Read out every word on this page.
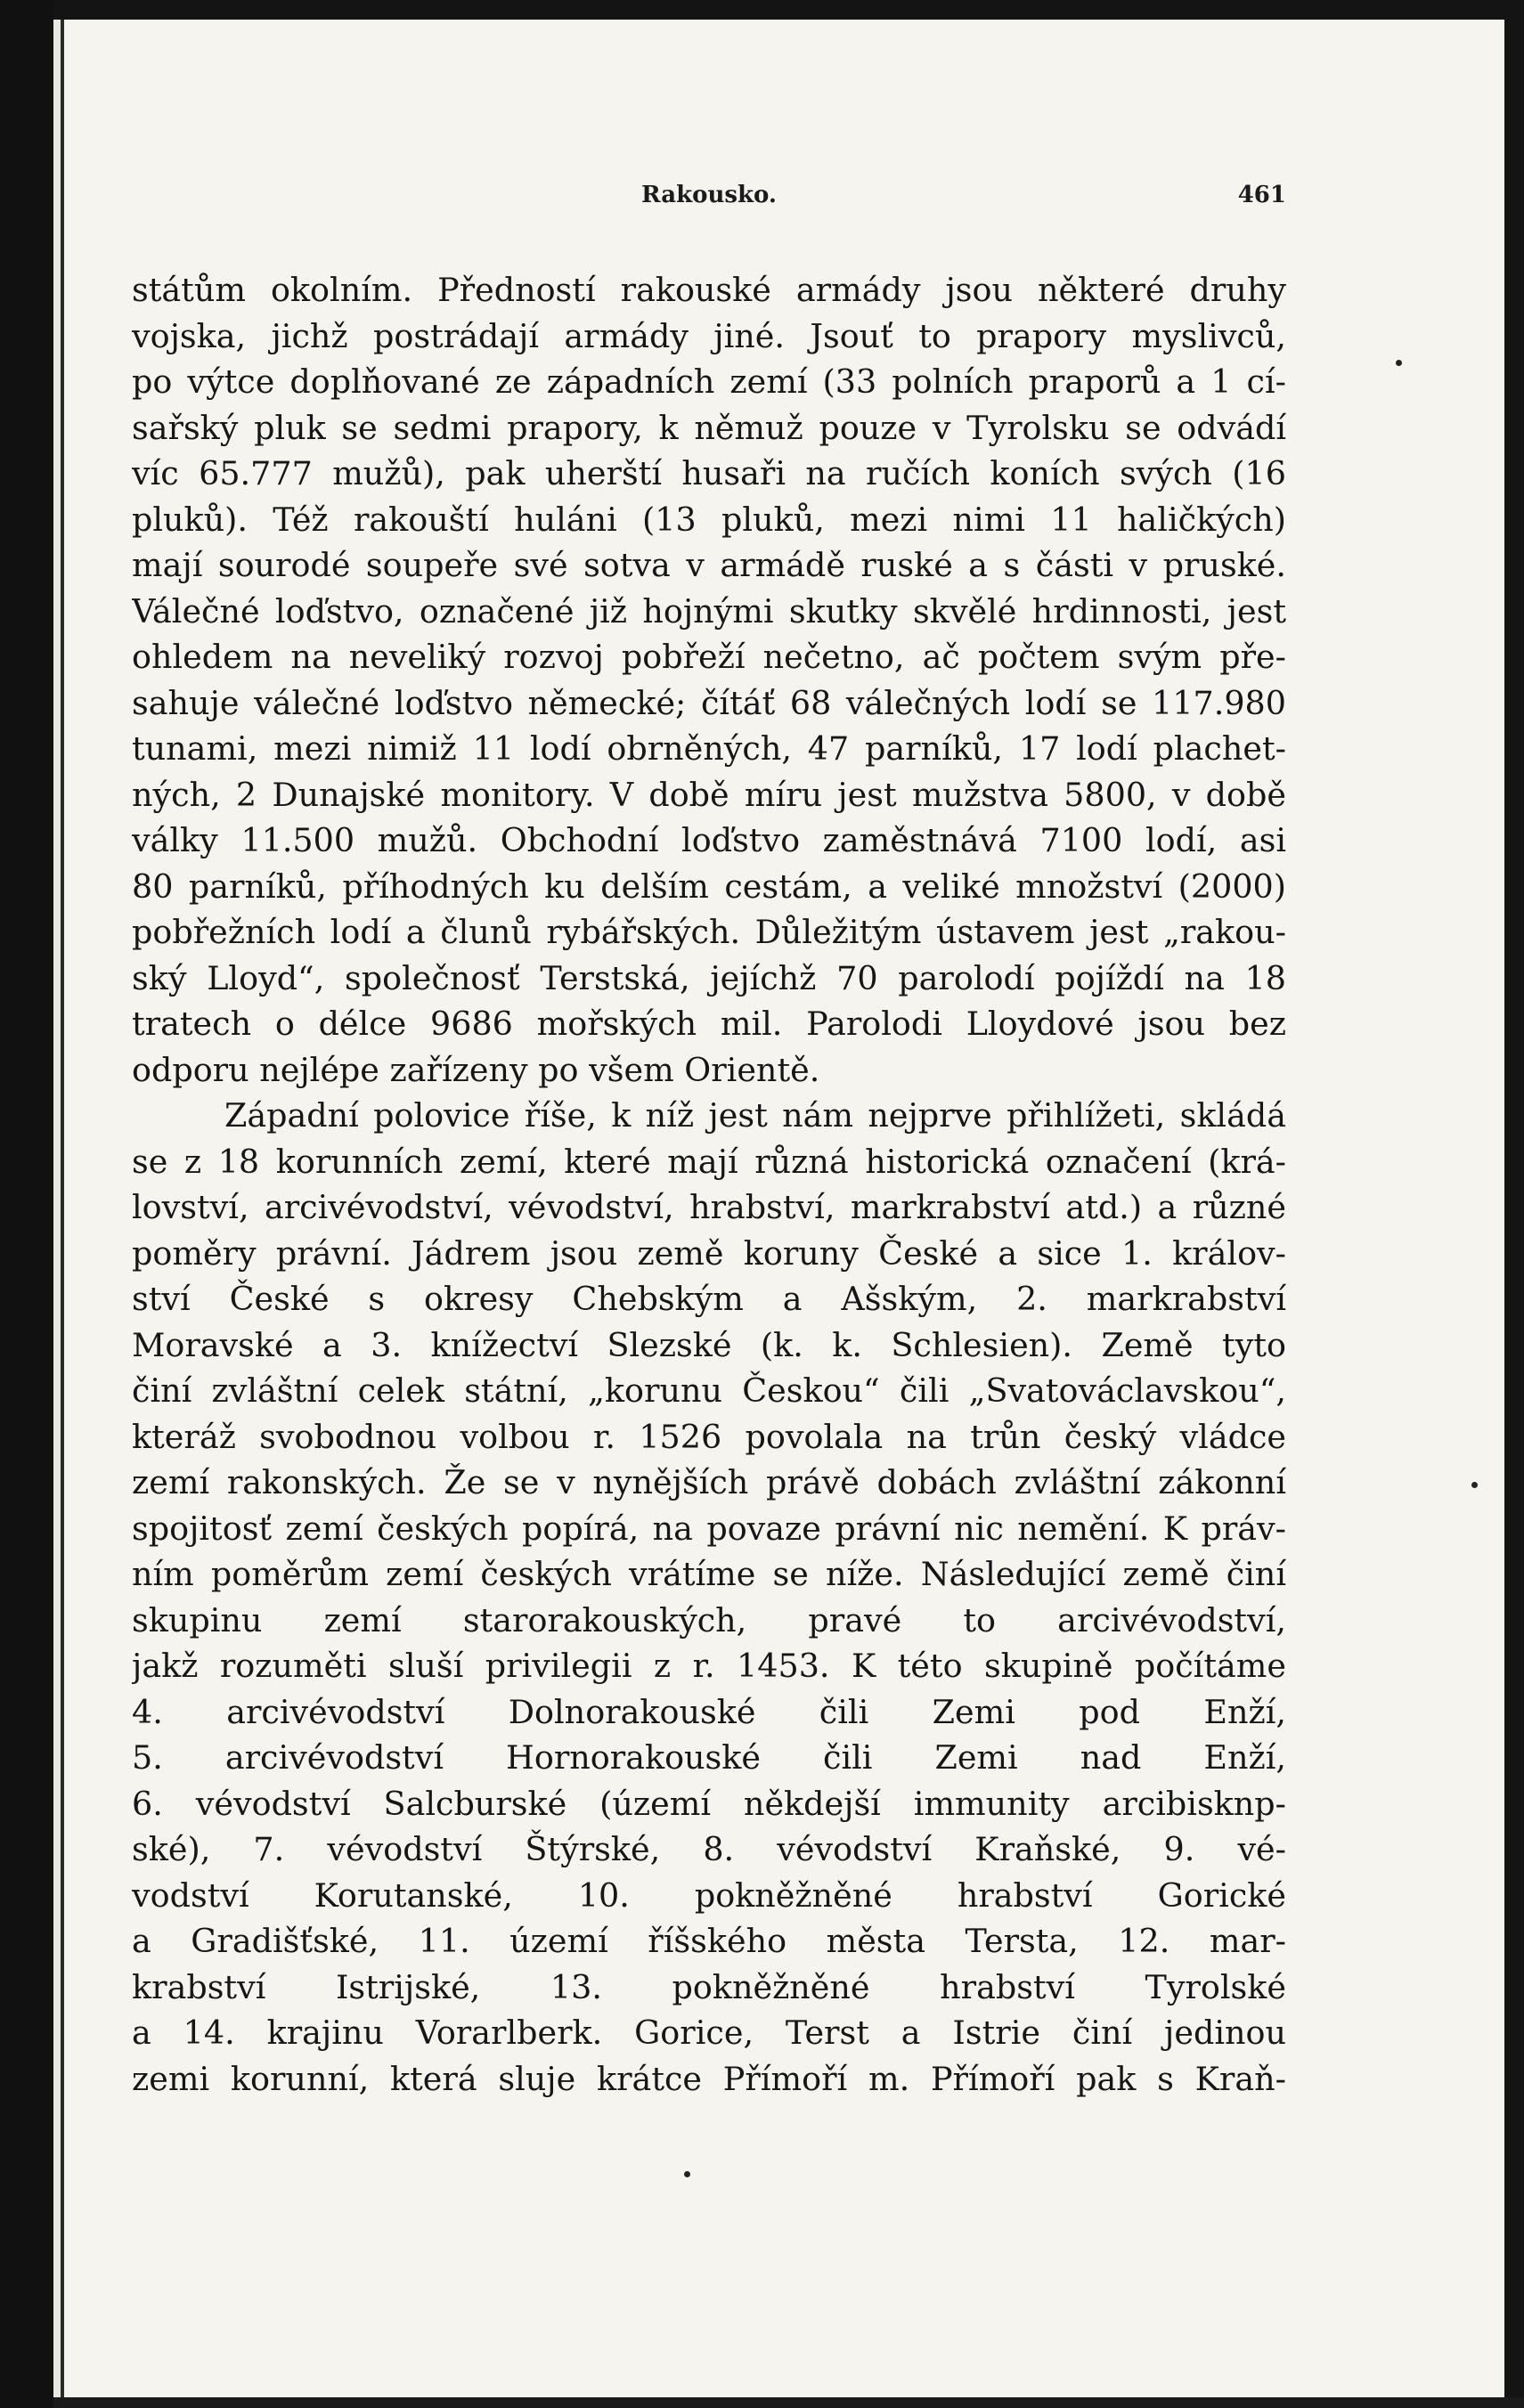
Rakousko.	461
státům okolním. Předností rakouské armády jsou některé druhy
vojska, jichž postrádají armády jiné. Jsouť to prapory myslivců,
po výtce doplňované ze západních zemí (33 polních praporů a 1 cí-
sařský pluk se sedmi prapory, k němuž pouze v Tyrolsku se odvádí
víc 65.777 mužů), pak uherští husaři na ručích koních svých (16
pluků). Též rakouští huláni (13 pluků, mezi nimi 11 haličkých)
mají sourodé soupeře své sotva v armádě ruské a s části v pruské.
Válečné loďstvo, označené již hojnými skutky skvělé hrdinnosti, jest
ohledem na neveliký rozvoj pobřeží nečetno, ač počtem svým pře-
sahuje válečné loďstvo německé; čítáť 68 válečných lodí se 117.980
tunami, mezi nimiž 11 lodí obrněných, 47 parníků, 17 lodí plachet-
ných, 2 Dunajské monitory. V době míru jest mužstva 5800, v době
války 11.500 mužů. Obchodní loďstvo zaměstnává 7100 lodí, asi
80 parníků, příhodných ku delším cestám, a veliké množství (2000)
pobřežních lodí a člunů rybářských. Důležitým ústavem jest „rakou-
ský Lloyd“, společnosť Terstská, jejíchž 70 parolodí pojíždí na 18
tratech o délce 9686 mořských mil. Parolodi Lloydové jsou bez
odporu nejlépe zařízeny po všem Orientě.
Západní polovice říše, k níž jest nám nejprve přihlížeti, skládá
se z 18 korunních zemí, které mají různá historická označení (krá-
lovství, arcivévodství, vévodství, hrabství, markrabství atd.) a různé
poměry právní. Jádrem jsou země koruny České a sice 1. králov-
ství České s okresy Chebským a Ašským, 2. markrabství
Moravské a 3. knížectví Slezské (k. k. Schlesien). Země tyto
činí zvláštní celek státní, „korunu Českou“ čili „Svatováclavskou“,
kteráž svobodnou volbou r. 1526 povolala na trůn český vládce
zemí rakonských. Že se v nynějších právě dobách zvláštní zákonní
spojitosť zemí českých popírá, na povaze právní nic nemění. K práv-
ním poměrům zemí českých vrátíme se níže. Následující země činí
skupinu zemí starorakouských, pravé to arcivévodství,
jakž rozuměti sluší privilegii z r. 1453. K této skupině počítáme
4. arcivévodství Dolnorakouské čili Zemi pod Enží,
5. arcivévodství Hornorakouské čili Zemi nad Enží,
6. vévodství Salcburské (území někdejší immunity arcibisknp-
ské), 7. vévodství Štýrské, 8. vévodství Kraňské, 9. vé-
vodství Korutanské, 10. pokněžněné hrabství Gorické
a Gradišťské, 11. území říšského města Tersta, 12. mar-
krabství Istrijské, 13. pokněžněné hrabství Tyrolské
a 14. krajinu Vorarlberk. Gorice, Terst a Istrie činí jedinou
zemi korunní, která sluje krátce Přímoří m. Přímoří pak s Kraň-
